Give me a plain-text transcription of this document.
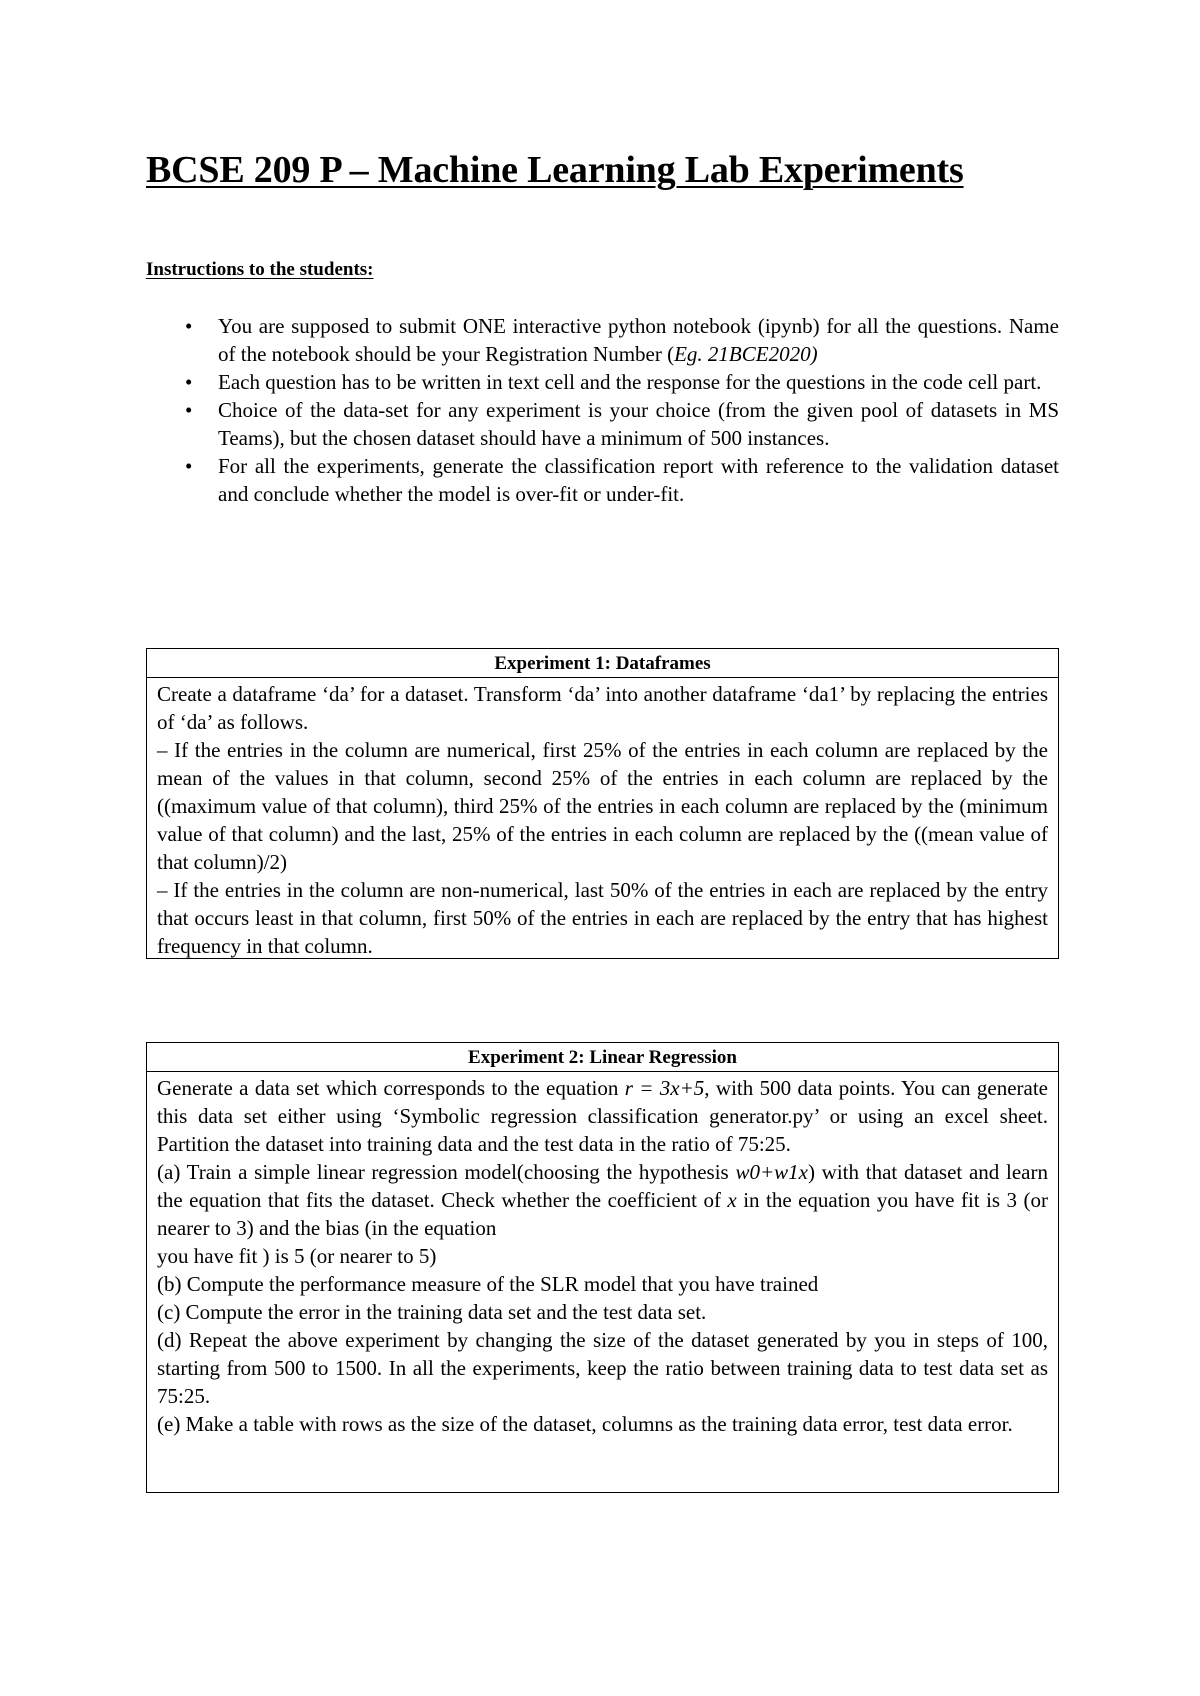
BCSE 209 P – Machine Learning Lab Experiments

Instructions to the students:

• You are supposed to submit ONE interactive python notebook (ipynb) for all the questions. Name of the notebook should be your Registration Number (Eg. 21BCE2020)
• Each question has to be written in text cell and the response for the questions in the code cell part.
• Choice of the data-set for any experiment is your choice (from the given pool of datasets in MS Teams), but the chosen dataset should have a minimum of 500 instances.
• For all the experiments, generate the classification report with reference to the validation dataset and conclude whether the model is over-fit or under-fit.
Experiment 1: Dataframes

Create a dataframe ‘da’ for a dataset. Transform ‘da’ into another dataframe ‘da1’ by replacing the entries of ‘da’ as follows.

– If the entries in the column are numerical, first 25% of the entries in each column are replaced by the mean of the values in that column, second 25% of the entries in each column are replaced by the ((maximum value of that column), third 25% of the entries in each column are replaced by the (minimum value of that column) and the last, 25% of the entries in each column are replaced by the ((mean value of that column)/2)

– If the entries in the column are non-numerical, last 50% of the entries in each are replaced by the entry that occurs least in that column, first 50% of the entries in each are replaced by the entry that has highest frequency in that column.

Experiment 2: Linear Regression

Generate a data set which corresponds to the equation r = 3x+5, with 500 data points. You can generate this data set either using ‘Symbolic regression classification generator.py’ or using an excel sheet. Partition the dataset into training data and the test data in the ratio of 75:25.

(a) Train a simple linear regression model(choosing the hypothesis w0+w1x) with that dataset and learn the equation that fits the dataset. Check whether the coefficient of x in the equation you have fit is 3 (or nearer to 3) and the bias (in the equation

you have fit ) is 5 (or nearer to 5)

(b) Compute the performance measure of the SLR model that you have trained

(c) Compute the error in the training data set and the test data set.

(d) Repeat the above experiment by changing the size of the dataset generated by you in steps of 100, starting from 500 to 1500. In all the experiments, keep the ratio between training data to test data set as 75:25.

(e) Make a table with rows as the size of the dataset, columns as the training data error, test data error.
